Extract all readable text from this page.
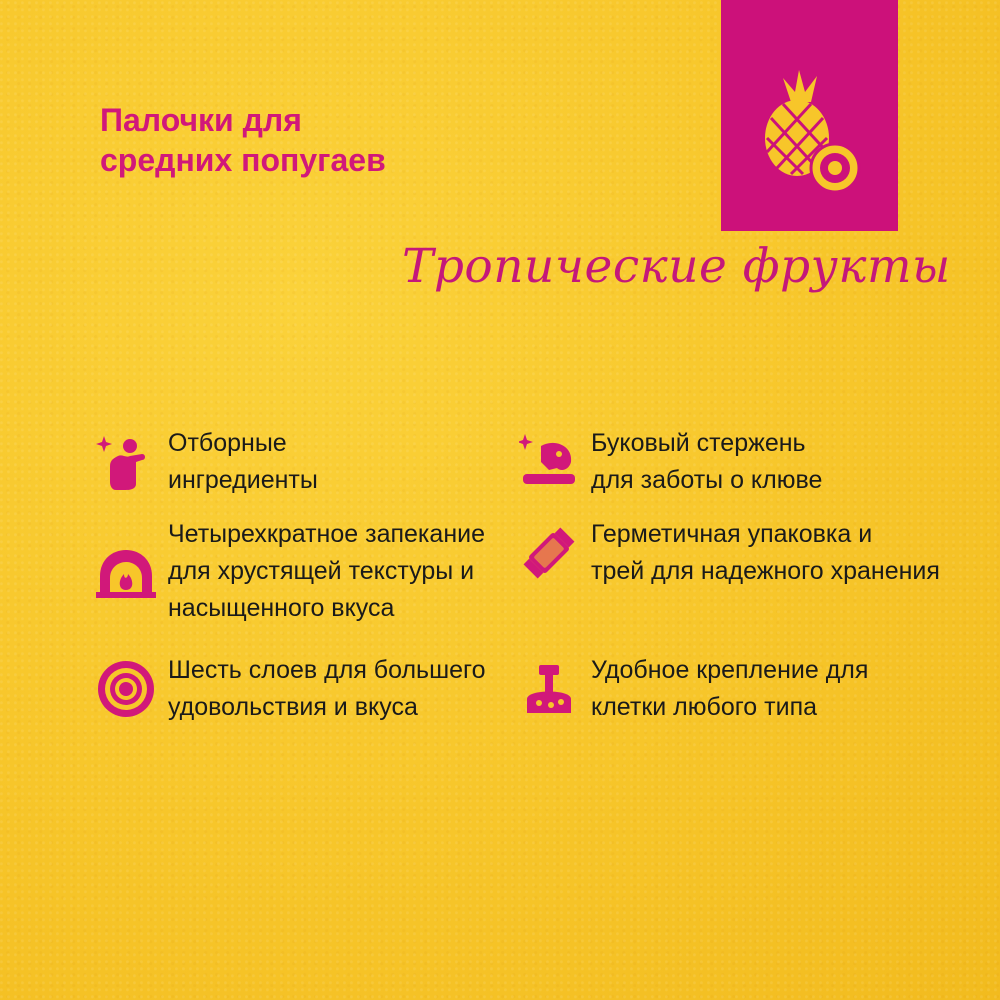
Палочки для
средних попугаев
Тропические фрукты
Отборные
ингредиенты
Буковый стержень
для заботы о клюве
Четырехкратное запекание
для хрустящей текстуры и
насыщенного вкуса
Герметичная упаковка и
трей для надежного хранения
Шесть слоев для большего
удовольствия и вкуса
Удобное крепление для
клетки любого типа
